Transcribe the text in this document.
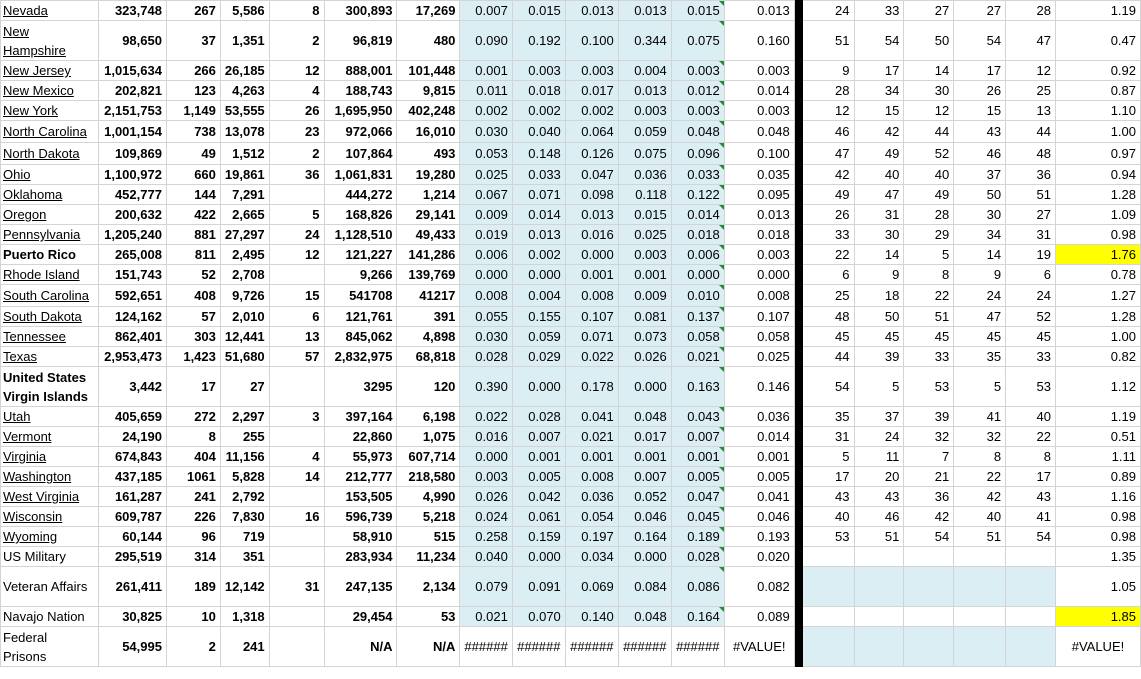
Nevada	323,748	267	5,586	8	300,893	17,269	0.007	0.015	0.013	0.013	0.015	0.013		24	33	27	27	28	1.19
New Hampshire	98,650	37	1,351	2	96,819	480	0.090	0.192	0.100	0.344	0.075	0.160		51	54	50	54	47	0.47
New Jersey	1,015,634	266	26,185	12	888,001	101,448	0.001	0.003	0.003	0.004	0.003	0.003		9	17	14	17	12	0.92
New Mexico	202,821	123	4,263	4	188,743	9,815	0.011	0.018	0.017	0.013	0.012	0.014		28	34	30	26	25	0.87
New York	2,151,753	1,149	53,555	26	1,695,950	402,248	0.002	0.002	0.002	0.003	0.003	0.003		12	15	12	15	13	1.10
North Carolina	1,001,154	738	13,078	23	972,066	16,010	0.030	0.040	0.064	0.059	0.048	0.048		46	42	44	43	44	1.00
North Dakota	109,869	49	1,512	2	107,864	493	0.053	0.148	0.126	0.075	0.096	0.100		47	49	52	46	48	0.97
Ohio	1,100,972	660	19,861	36	1,061,831	19,280	0.025	0.033	0.047	0.036	0.033	0.035		42	40	40	37	36	0.94
Oklahoma	452,777	144	7,291		444,272	1,214	0.067	0.071	0.098	0.118	0.122	0.095		49	47	49	50	51	1.28
Oregon	200,632	422	2,665	5	168,826	29,141	0.009	0.014	0.013	0.015	0.014	0.013		26	31	28	30	27	1.09
Pennsylvania	1,205,240	881	27,297	24	1,128,510	49,433	0.019	0.013	0.016	0.025	0.018	0.018		33	30	29	34	31	0.98
Puerto Rico	265,008	811	2,495	12	121,227	141,286	0.006	0.002	0.000	0.003	0.006	0.003		22	14	5	14	19	1.76
Rhode Island	151,743	52	2,708		9,266	139,769	0.000	0.000	0.001	0.001	0.000	0.000		6	9	8	9	6	0.78
South Carolina	592,651	408	9,726	15	541708	41217	0.008	0.004	0.008	0.009	0.010	0.008		25	18	22	24	24	1.27
South Dakota	124,162	57	2,010	6	121,761	391	0.055	0.155	0.107	0.081	0.137	0.107		48	50	51	47	52	1.28
Tennessee	862,401	303	12,441	13	845,062	4,898	0.030	0.059	0.071	0.073	0.058	0.058		45	45	45	45	45	1.00
Texas	2,953,473	1,423	51,680	57	2,832,975	68,818	0.028	0.029	0.022	0.026	0.021	0.025		44	39	33	35	33	0.82
United States Virgin Islands	3,442	17	27		3295	120	0.390	0.000	0.178	0.000	0.163	0.146		54	5	53	5	53	1.12
Utah	405,659	272	2,297	3	397,164	6,198	0.022	0.028	0.041	0.048	0.043	0.036		35	37	39	41	40	1.19
Vermont	24,190	8	255		22,860	1,075	0.016	0.007	0.021	0.017	0.007	0.014		31	24	32	32	22	0.51
Virginia	674,843	404	11,156	4	55,973	607,714	0.000	0.001	0.001	0.001	0.001	0.001		5	11	7	8	8	1.11
Washington	437,185	1061	5,828	14	212,777	218,580	0.003	0.005	0.008	0.007	0.005	0.005		17	20	21	22	17	0.89
West Virginia	161,287	241	2,792		153,505	4,990	0.026	0.042	0.036	0.052	0.047	0.041		43	43	36	42	43	1.16
Wisconsin	609,787	226	7,830	16	596,739	5,218	0.024	0.061	0.054	0.046	0.045	0.046		40	46	42	40	41	0.98
Wyoming	60,144	96	719		58,910	515	0.258	0.159	0.197	0.164	0.189	0.193		53	51	54	51	54	0.98
US Military	295,519	314	351		283,934	11,234	0.040	0.000	0.034	0.000	0.028	0.020							1.35
Veteran Affairs	261,411	189	12,142	31	247,135	2,134	0.079	0.091	0.069	0.084	0.086	0.082							1.05
Navajo Nation	30,825	10	1,318		29,454	53	0.021	0.070	0.140	0.048	0.164	0.089							1.85
Federal Prisons	54,995	2	241		N/A	N/A	######	######	######	######	######	#VALUE!							#VALUE!
